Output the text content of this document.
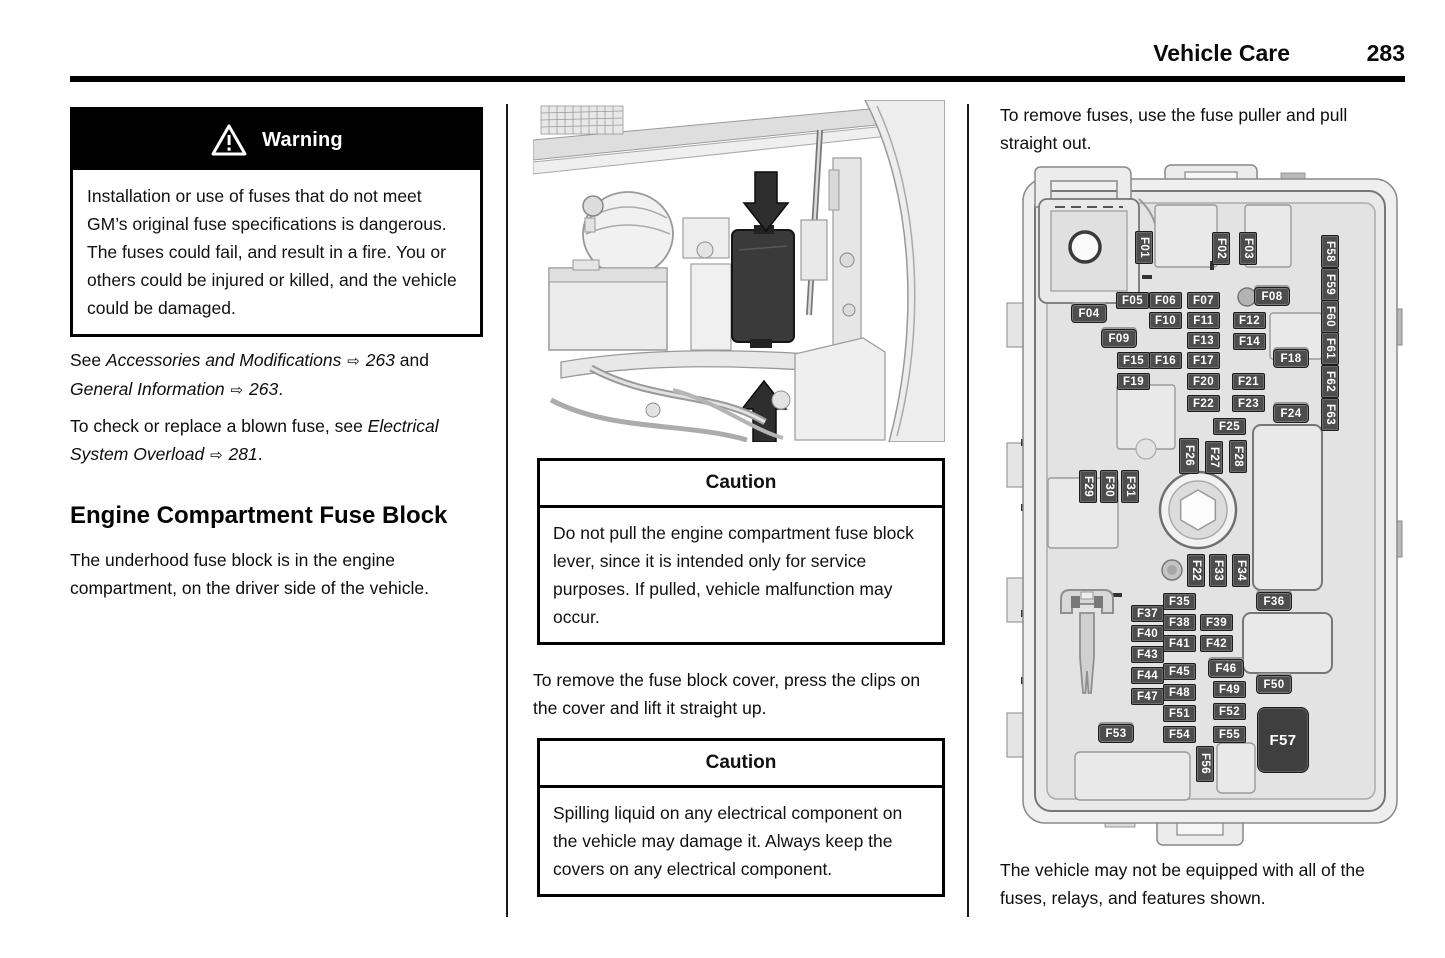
Vehicle Care	283
Warning
Installation or use of fuses that do not meet GM’s original fuse specifications is dangerous. The fuses could fail, and result in a fire. You or others could be injured or killed, and the vehicle could be damaged.
See Accessories and Modifications ⇨ 263 and General Information ⇨ 263.
To check or replace a blown fuse, see Electrical System Overload ⇨ 281.
Engine Compartment Fuse Block
The underhood fuse block is in the engine compartment, on the driver side of the vehicle.
Caution
Do not pull the engine compartment fuse block lever, since it is intended only for service purposes. If pulled, vehicle malfunction may occur.
To remove the fuse block cover, press the clips on the cover and lift it straight up.
Caution
Spilling liquid on any electrical component on the vehicle may damage it. Always keep the covers on any electrical component.
To remove fuses, use the fuse puller and pull straight out.
F01	F02 F03	F58
F59
F60
F61
F62
F63
F04
F05	F06	F07	F08
F09
F10	F11	F12
F13	F14
F15 F16	F17	F18
F19	F20	F21
F22	F23
F24
F25
F26	F27 F28
F29 F30 F31
F22 F33 F34
F35	F36
F37
F38	F39
F40
F41	F42
F43
F44 F45	F46
F47 F48	F49	F50
F51	F52
F53	F54	F55
F56
F57
The vehicle may not be equipped with all of the fuses, relays, and features shown.
